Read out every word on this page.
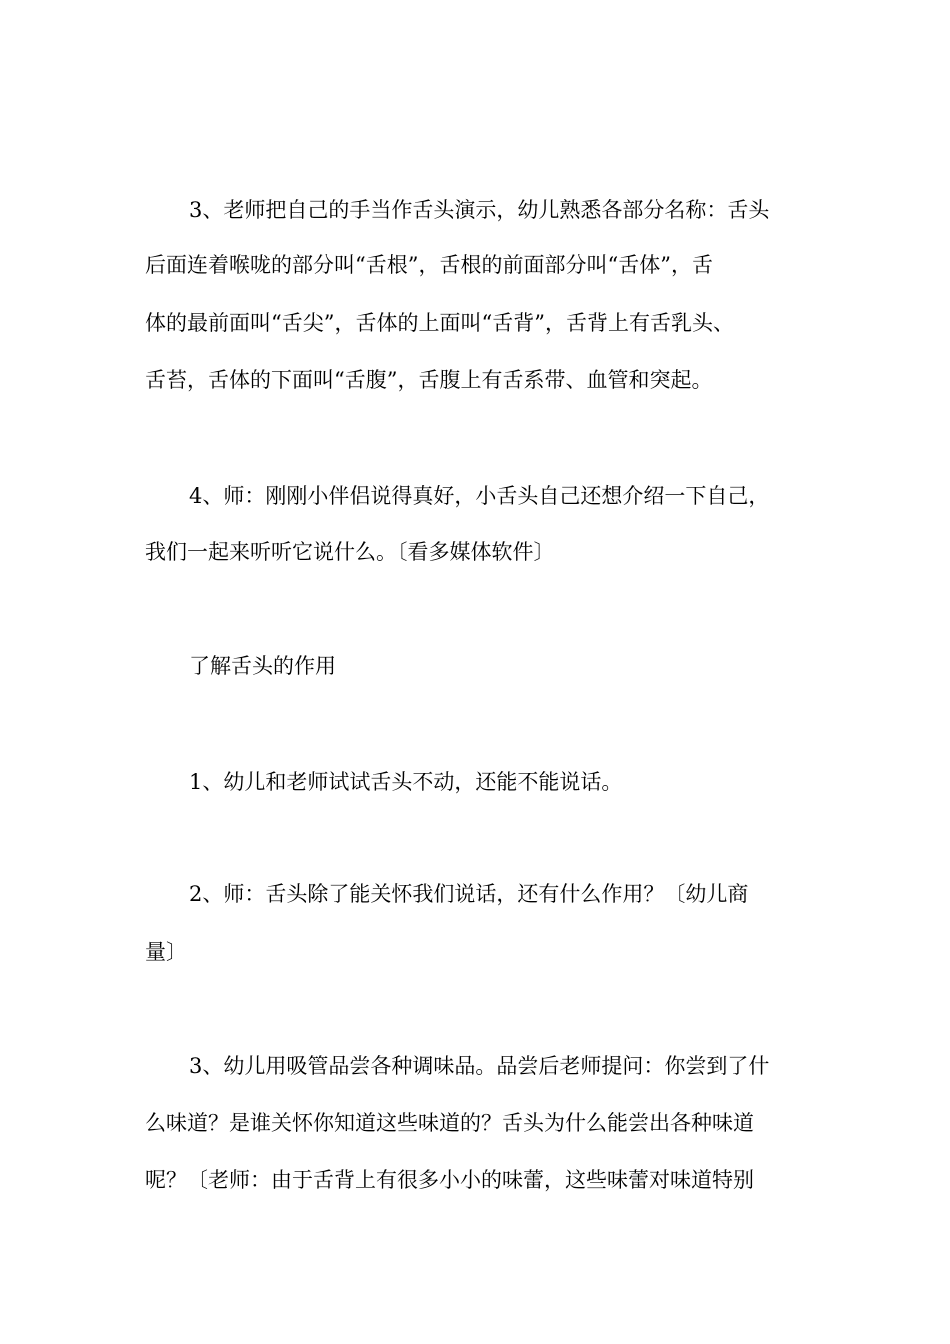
3、老师把自己的手当作舌头演示，幼儿熟悉各部分名称：舌头
后面连着喉咙的部分叫“舌根”，舌根的前面部分叫“舌体”，舌
体的最前面叫“舌尖”，舌体的上面叫“舌背”，舌背上有舌乳头、
舌苔，舌体的下面叫“舌腹”，舌腹上有舌系带、血管和突起。
4、师：刚刚小伴侣说得真好，小舌头自己还想介绍一下自己，
我们一起来听听它说什么。〔看多媒体软件〕
了解舌头的作用
1、幼儿和老师试试舌头不动，还能不能说话。
2、师：舌头除了能关怀我们说话，还有什么作用？〔幼儿商
量〕
3、幼儿用吸管品尝各种调味品。品尝后老师提问：你尝到了什
么味道？是谁关怀你知道这些味道的？舌头为什么能尝出各种味道
呢？〔老师：由于舌背上有很多小小的味蕾，这些味蕾对味道特别
